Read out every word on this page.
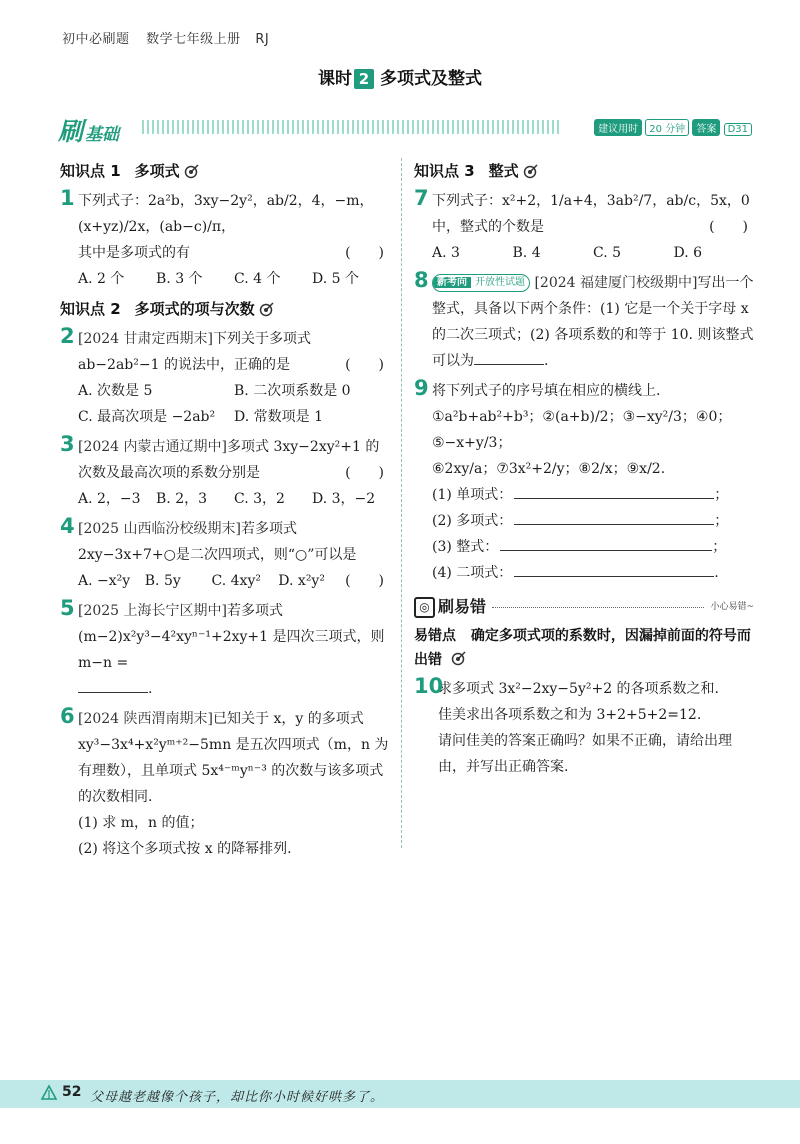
初中必刷题 数学七年级上册 RJ
课时 2 多项式及整式
刷 基础	建议用时 20 分钟 答案 D31
知识点 1 多项式
1 下列式子：2a²b，3xy−2y²，ab/2，4，−m，(x+yz)/2x，(ab−c)/π，
其中是多项式的有	(　　)
A. 2 个	B. 3 个	C. 4 个	D. 5 个
知识点 2 多项式的项与次数
2 [2024 甘肃定西期末]下列关于多项式 ab−2ab²−1 的说法中，正确的是	(　　)
A. 次数是 5	B. 二次项系数是 0
C. 最高次项是 −2ab²	D. 常数项是 1
3 [2024 内蒙古通辽期中]多项式 3xy−2xy²+1 的次数及最高次项的系数分别是	(　　)
A. 2，−3	B. 2，3	C. 3，2	D. 3，−2
4 [2025 山西临汾校级期末]若多项式 2xy−3x+7+○是二次四项式，则“○”可以是
(　　)
A. −x²y	B. 5y	C. 4xy²	D. x²y²
5 [2025 上海长宁区期中]若多项式 (m−2)x²y³−4²xyⁿ⁻¹+2xy+1 是四次三项式，则 m−n =
.
6 [2024 陕西渭南期末]已知关于 x，y 的多项式 xy³−3x⁴+x²yᵐ⁺²−5mn 是五次四项式（m，n 为有理数），且单项式 5x⁴⁻ᵐyⁿ⁻³ 的次数与该多项式的次数相同.
(1) 求 m，n 的值；
(2) 将这个多项式按 x 的降幂排列.
知识点 3 整式
7 下列式子：x²+2，1/a+4，3ab²/7，ab/c，5x，0 中，整式的个数是	(　　)
A. 3	B. 4	C. 5	D. 6
8 新考向 开放性试题 [2024 福建厦门校级期中]写出一个整式，具备以下两个条件：(1) 它是一个关于字母 x 的二次三项式；(2) 各项系数的和等于 10. 则该整式可以为	.
9 将下列式子的序号填在相应的横线上.
①a²b+ab²+b³；②(a+b)/2；③−xy²/3；④0；⑤−x+y/3；
⑥2xy/a；⑦3x²+2/y；⑧2/x；⑨x/2.
(1) 单项式：	；
(2) 多项式：	；
(3) 整式：	；
(4) 二项式：	.
◎ 刷易错	小心易错~
易错点 确定多项式项的系数时，因漏掉前面的符号而出错
10
求多项式 3x²−2xy−5y²+2 的各项系数之和.
佳美求出各项系数之和为 3+2+5+2=12.
请问佳美的答案正确吗？如果不正确，请给出理由，并写出正确答案.
52 父母越老越像个孩子，却比你小时候好哄多了。
